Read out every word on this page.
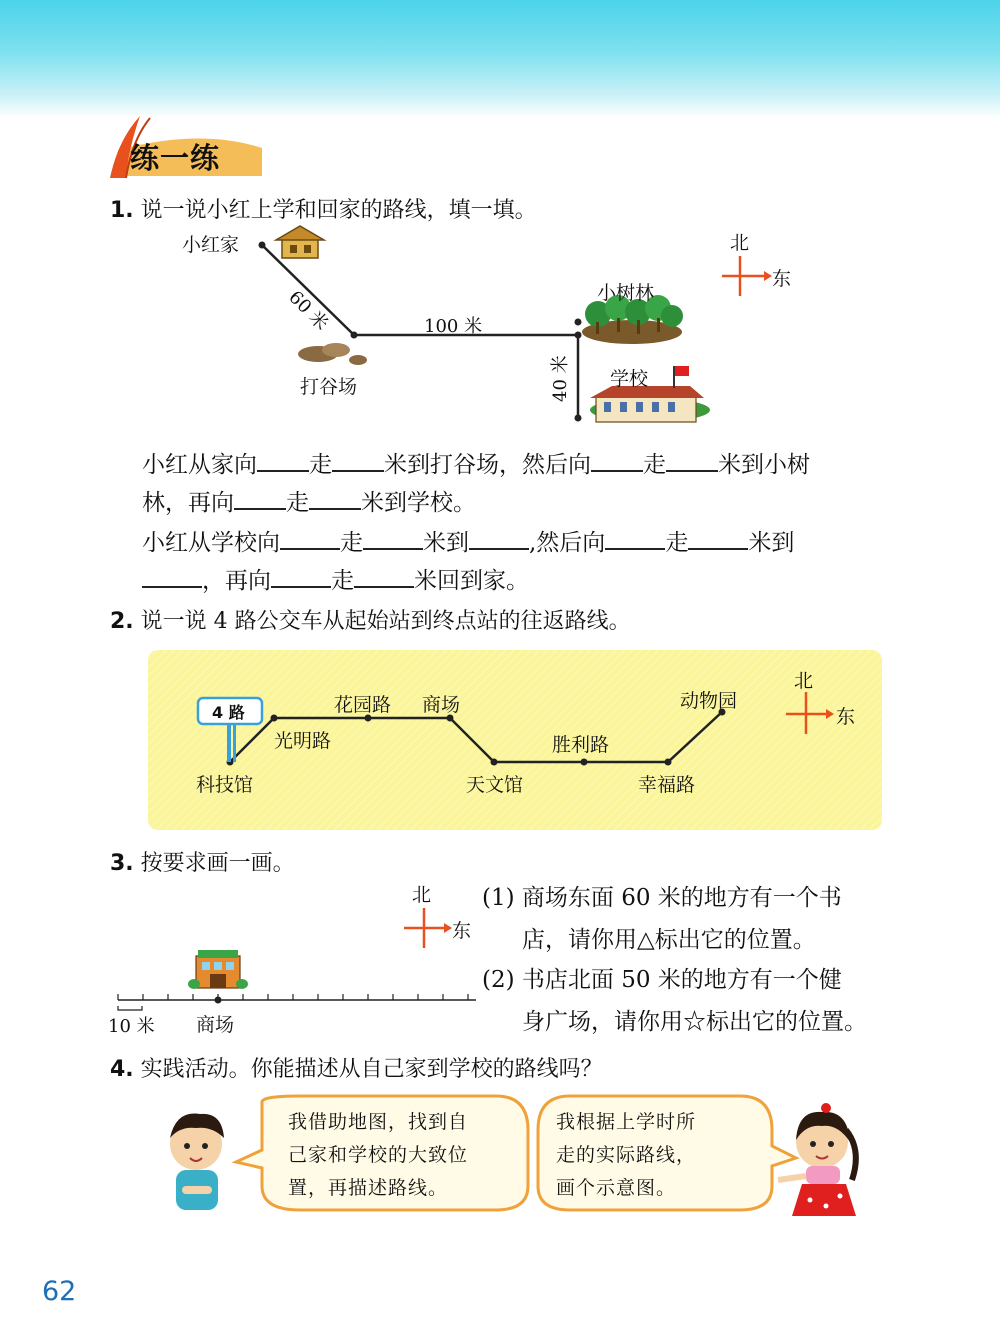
练一练
1. 说一说小红上学和回家的路线，填一填。
小红家
打谷场
小树林
学校
60 米	100 米
40 米
北
东
小红从家向 走 米到打谷场，然后向 走 米到小树
林，再向 走 米到学校。
小红从学校向	走	米到	,然后向	走	米到
，再向	走	米回到家。
2. 说一说 4 路公交车从起始站到终点站的往返路线。
4 路
科技馆
光明路
花园路 商场
天文馆
胜利路
幸福路
动物园
北
东
3. 按要求画一画。
北
东
10 米 商场
(1) 商场东面 60 米的地方有一个书
店，请你用△标出它的位置。
(2) 书店北面 50 米的地方有一个健
身广场，请你用☆标出它的位置。
4. 实践活动。你能描述从自己家到学校的路线吗？
我借助地图，找到自
己家和学校的大致位
置，再描述路线。
我根据上学时所
走的实际路线，
画个示意图。
62
